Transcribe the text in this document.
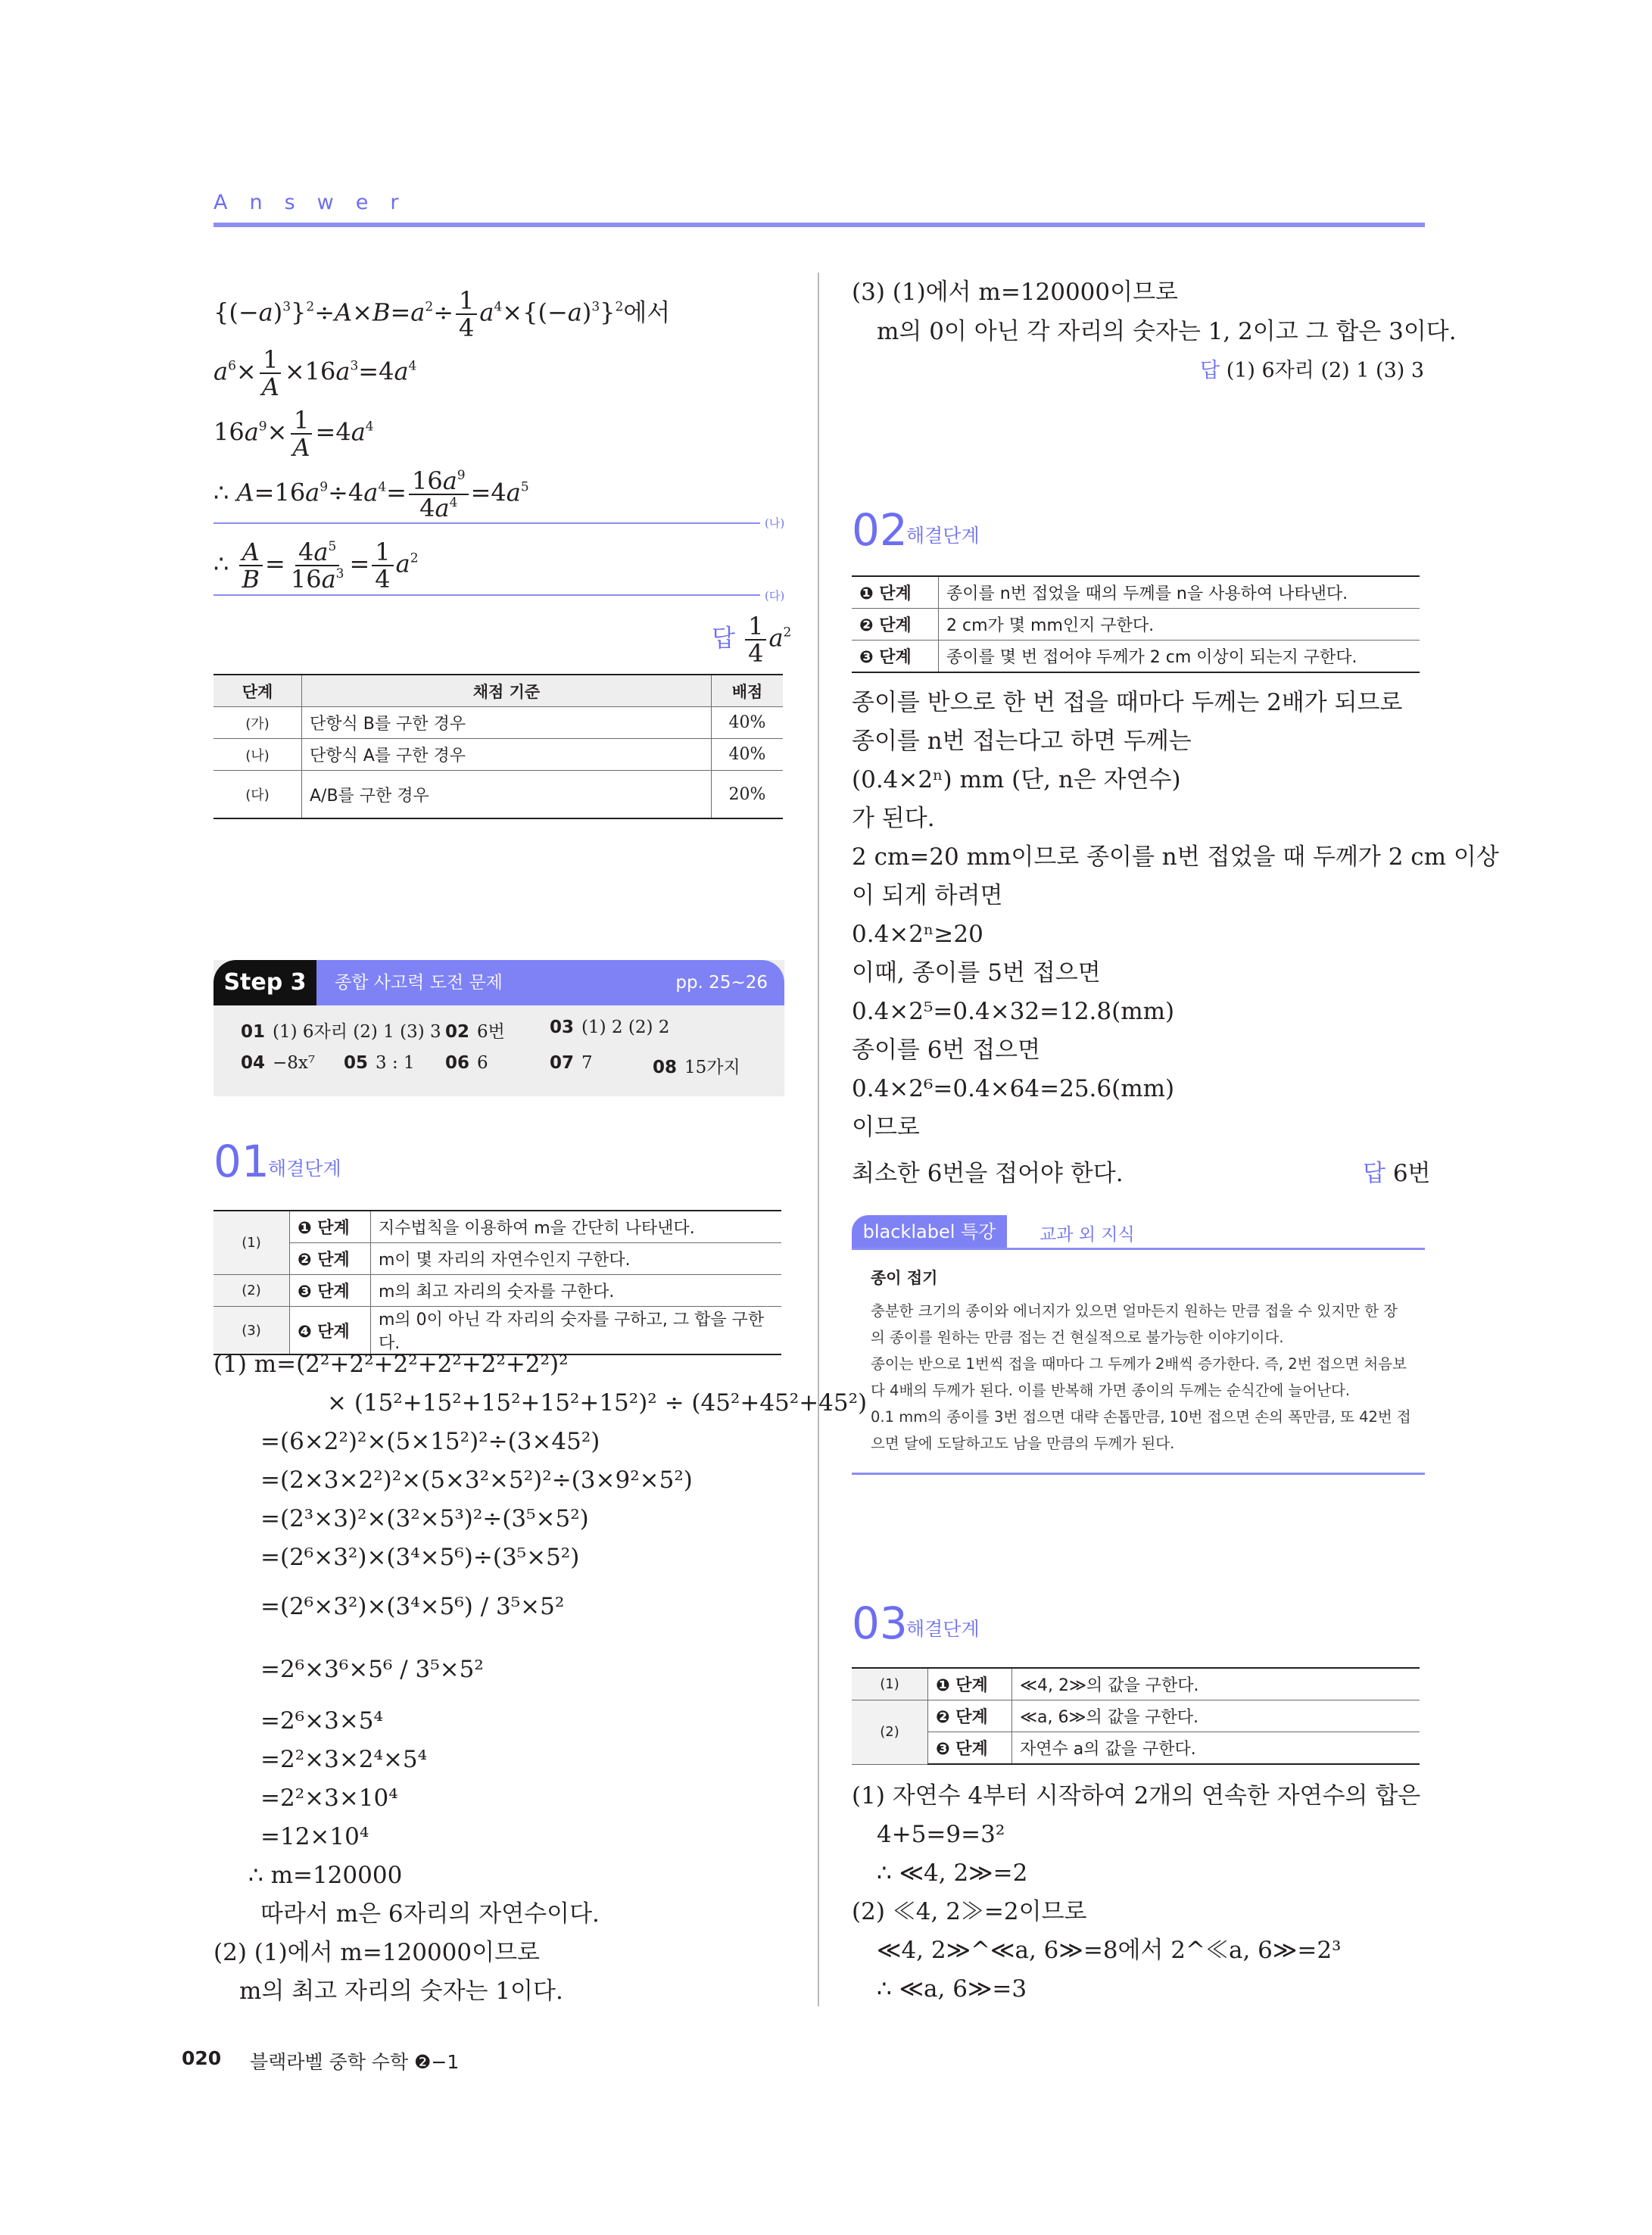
Answer
$\{(-a)^3\}^2\div A\times B=a^2\div \frac{1}{4} a^4\times\{(-a)^3\}^2$에서
$a^6\times \frac{1}{A} \times 16a^3=4a^4$
$16a^9\times \frac{1}{A} =4a^4$
∴ $A=16a^9\div 4a^4= \frac{16a^9}{4a^4} =4a^5$
(나)
∴ $\frac{A}{B} = \frac{4a^5}{16a^3} = \frac{1}{4} a^2$
(다)
답 $\frac{1}{4} a^2$
단계	채점 기준	배점
(가)	단항식 B를 구한 경우	40%
(나)	단항식 A를 구한 경우	40%
(다)	A/B를 구한 경우	20%
Step 3	종합 사고력 도전 문제	pp. 25~26
01 (1) 6자리 (2) 1 (3) 3 02 6번	03 (1) 2 (2) 2
04 −8x⁷ 05 3 : 1 06 6	07 7	08 15가지
01
해결단계
(1)	❶ 단계	지수법칙을 이용하여 m을 간단히 나타낸다.
	❷ 단계	m이 몇 자리의 자연수인지 구한다.
(2)	❸ 단계	m의 최고 자리의 숫자를 구한다.
(3)	❹ 단계	m의 0이 아닌 각 자리의 숫자를 구하고, 그 합을 구한다.
(1) m=(2²+2²+2²+2²+2²+2²)²
× (15²+15²+15²+15²+15²)² ÷ (45²+45²+45²)
=(6×2²)²×(5×15²)²÷(3×45²)
=(2×3×2²)²×(5×3²×5²)²÷(3×9²×5²)
=(2³×3)²×(3²×5³)²÷(3⁵×5²)
=(2⁶×3²)×(3⁴×5⁶)÷(3⁵×5²)
=(2⁶×3²)×(3⁴×5⁶) / 3⁵×5²
=2⁶×3⁶×5⁶ / 3⁵×5²
=2⁶×3×5⁴
=2²×3×2⁴×5⁴
=2²×3×10⁴
=12×10⁴
∴ m=120000
따라서 m은 6자리의 자연수이다.
(2) (1)에서 m=120000이므로
m의 최고 자리의 숫자는 1이다.
(3) (1)에서 m=120000이므로
m의 0이 아닌 각 자리의 숫자는 1, 2이고 그 합은 3이다.
답 (1) 6자리 (2) 1 (3) 3
02
해결단계
❶ 단계	종이를 n번 접었을 때의 두께를 n을 사용하여 나타낸다.
❷ 단계	2 cm가 몇 mm인지 구한다.
❸ 단계	종이를 몇 번 접어야 두께가 2 cm 이상이 되는지 구한다.
종이를 반으로 한 번 접을 때마다 두께는 2배가 되므로
종이를 n번 접는다고 하면 두께는
(0.4×2ⁿ) mm (단, n은 자연수)
가 된다.
2 cm=20 mm이므로 종이를 n번 접었을 때 두께가 2 cm 이상
이 되게 하려면
0.4×2ⁿ≥20
이때, 종이를 5번 접으면
0.4×2⁵=0.4×32=12.8(mm)
종이를 6번 접으면
0.4×2⁶=0.4×64=25.6(mm)
이므로
최소한 6번을 접어야 한다.	답 6번
blacklabel 특강	교과 외 지식
종이 접기
충분한 크기의 종이와 에너지가 있으면 얼마든지 원하는 만큼 접을 수 있지만 한 장
의 종이를 원하는 만큼 접는 건 현실적으로 불가능한 이야기이다.
종이는 반으로 1번씩 접을 때마다 그 두께가 2배씩 증가한다. 즉, 2번 접으면 처음보
다 4배의 두께가 된다. 이를 반복해 가면 종이의 두께는 순식간에 늘어난다.
0.1 mm의 종이를 3번 접으면 대략 손톱만큼, 10번 접으면 손의 폭만큼, 또 42번 접
으면 달에 도달하고도 남을 만큼의 두께가 된다.
03
해결단계
(1)	❶ 단계	≪4, 2≫의 값을 구한다.
(2)	❷ 단계	≪a, 6≫의 값을 구한다.
	❸ 단계	자연수 a의 값을 구한다.
(1) 자연수 4부터 시작하여 2개의 연속한 자연수의 합은
4+5=9=3²
∴ ≪4, 2≫=2
(2) ≪4, 2≫=2이므로
≪4, 2≫^≪a, 6≫=8에서 2^≪a, 6≫=2³
∴ ≪a, 6≫=3
020 블랙라벨 중학 수학 ❷−1
